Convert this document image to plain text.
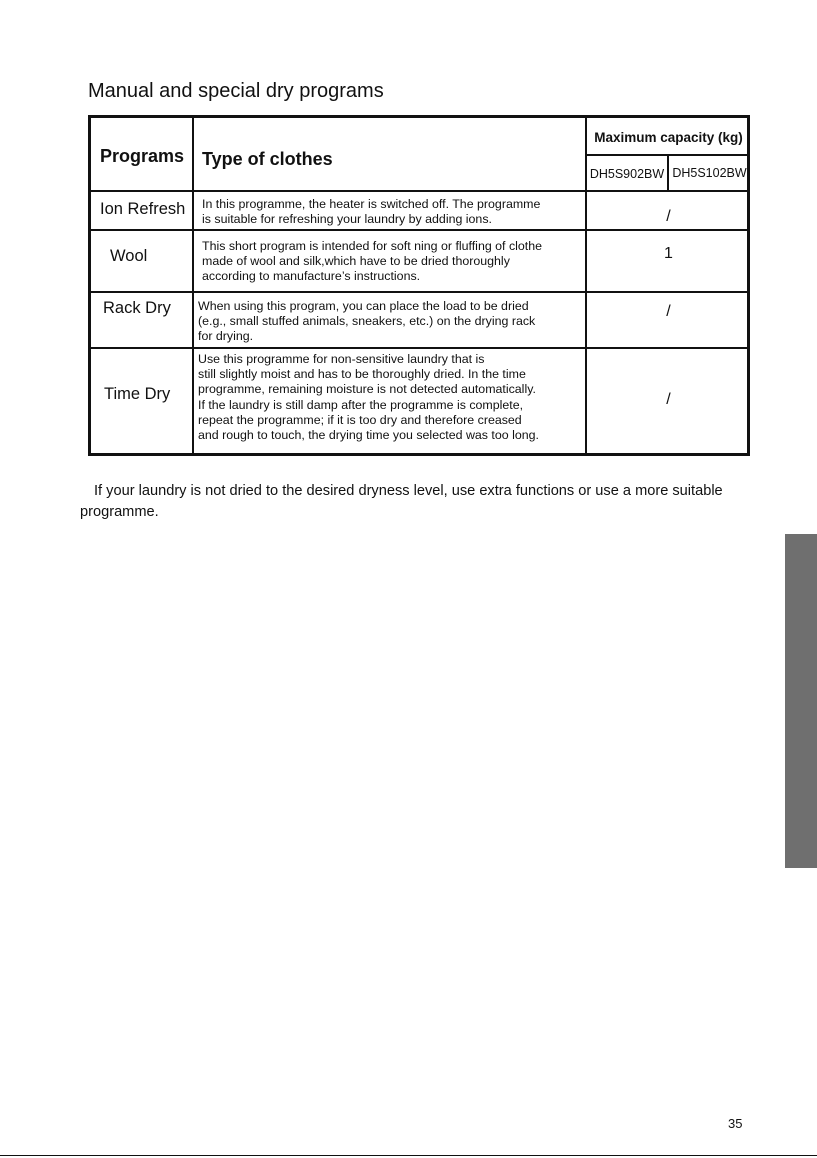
Manual and special dry programs
Programs Type of clothes
Maximum capacity (kg)
DH5S902BW DH5S102BW
Ion Refresh In this programme, the heater is switched off. The programme
is suitable for refreshing your laundry by adding ions.	/
Wool
This short program is intended for soft ning or fluffing of clothe
made of wool and silk,which have to be dried thoroughly
according to manufacture’s instructions.
1
Rack Dry When using this program, you can place the load to be dried
(e.g., small stuffed animals, sneakers, etc.) on the drying rack
for drying.
/
Time Dry
Use this programme for non-sensitive laundry that is
still slightly moist and has to be thoroughly dried. In the time
programme, remaining moisture is not detected automatically.
If the laundry is still damp after the programme is complete,
repeat the programme; if it is too dry and therefore creased
and rough to touch, the drying time you selected was too long.
/
If your laundry is not dried to the desired dryness level, use extra functions or use a more suitable programme.
35
